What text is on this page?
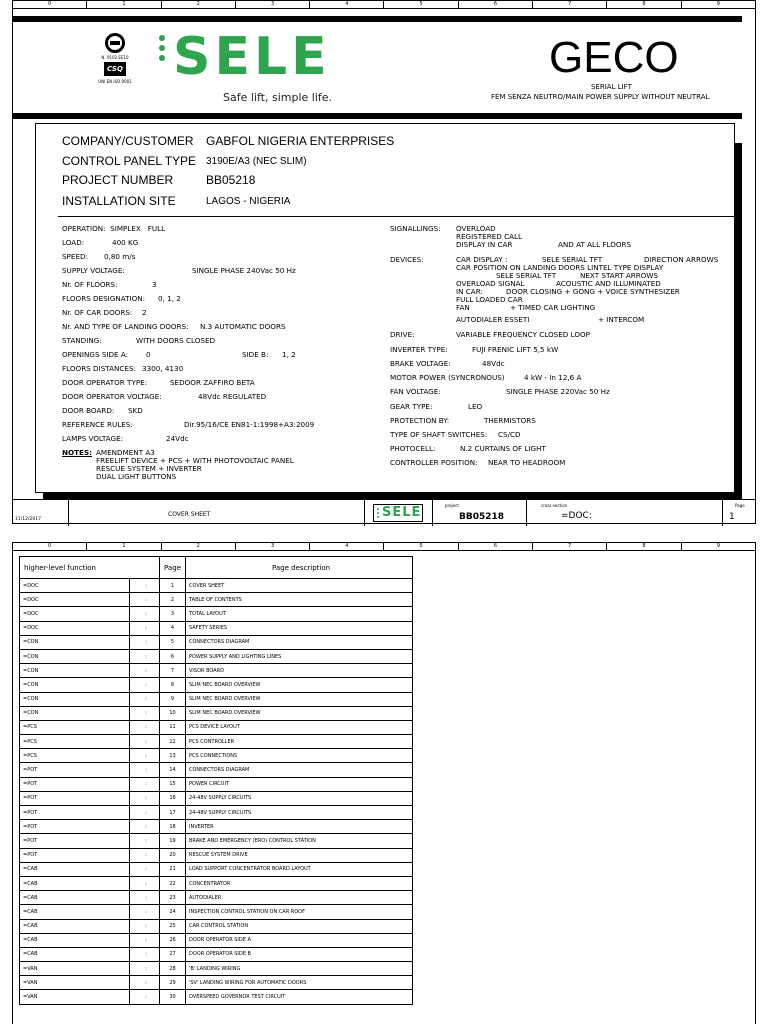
0	1	2	3	4	5	6	7	8	9
N. 9102.EE10
CSQ
UNI EN ISO 9001 SELE
Safe lift, simple life.
GECO
SERIAL LIFT
FEM SENZA NEUTRO/MAIN POWER SUPPLY WITHOUT NEUTRAL
COMPANY/CUSTOMER	GABFOL NIGERIA ENTERPRISES
CONTROL PANEL TYPE 3190E/A3 (NEC SLIM)
PROJECT NUMBER	BB05218
INSTALLATION SITE	LAGOS - NIGERIA
OPERATION: SIMPLEX FULL
LOAD:	400 KG
SPEED: 0,80 m/s
SUPPLY VOLTAGE:	SINGLE PHASE 240Vac 50 Hz
Nr. OF FLOORS:	3
FLOORS DESIGNATION: 0, 1, 2
Nr. OF CAR DOORS: 2
Nr. AND TYPE OF LANDING DOORS: N.3 AUTOMATIC DOORS
STANDING:	WITH DOORS CLOSED
OPENINGS SIDE A: 0	SIDE B: 1, 2
FLOORS DISTANCES: 3300, 4130
DOOR OPERATOR TYPE:	SEDOOR ZAFFIRO BETA
DOOR OPERATOR VOLTAGE:	48Vdc REGULATED
DOOR BOARD: SKD
REFERENCE RULES:	Dir.95/16/CE EN81-1:1998+A3:2009
LAMPS VOLTAGE:	24Vdc
NOTES: AMENDMENT A3
FREELIFT DEVICE + PCS + WITH PHOTOVOLTAIC PANEL
RESCUE SYSTEM + INVERTER
DUAL LIGHT BUTTONS
SIGNALLINGS: OVERLOAD
REGISTERED CALL
DISPLAY IN CAR	AND AT ALL FLOORS
DEVICES:	CAR DISPLAY :	SELE SERIAL TFT	DIRECTION ARROWS
CAR POSITION ON LANDING DOORS LINTEL TYPE DISPLAY
SELE SERIAL TFT	NEXT START ARROWS
OVERLOAD SIGNAL	ACOUSTIC AND ILLUMINATED
IN CAR:	DOOR CLOSING + GONG + VOICE SYNTHESIZER
FULL LOADED CAR
FAN	+ TIMED CAR LIGHTING
AUTODIALER ESSETI	+ INTERCOM
DRIVE:	VARIABLE FREQUENCY CLOSED LOOP
INVERTER TYPE:	FUJI FRENIC LIFT 5,5 kW
BRAKE VOLTAGE:	48Vdc
MOTOR POWER (SYNCRONOUS)	4 kW - In 12,6 A
FAN VOLTAGE:	SINGLE PHASE 220Vac 50 Hz
GEAR TYPE:	LEO
PROTECTION BY:	THERMISTORS
TYPE OF SHAFT SWITCHES: CS/CD
PHOTOCELL:	N.2 CURTAINS OF LIGHT
CONTROLLER POSITION: NEAR TO HEADROOM
11/12/2017
COVER SHEET	SELE	project
BB05218
cross-section
=DOC:
Page
1
0	1	2	3	4	5	6	7	8	9
higher-level function		Page	Page description
=DOC	:	1	COVER SHEET
=DOC	:	2	TABLE OF CONTENTS
=DOC	:	3	TOTAL LAYOUT
=DOC	:	4	SAFETY SERIES
=CON	:	5	CONNECTORS DIAGRAM
=CON	:	6	POWER SUPPLY AND LIGHTING LINES
=CON	:	7	VISOR BOARD
=CON	:	8	SLIM NEC BOARD OVERVIEW
=CON	:	9	SLIM NEC BOARD OVERVIEW
=CON	:	10	SLIM NEC BOARD OVERVIEW
=PCS	:	11	PCS DEVICE LAYOUT
=PCS	:	12	PCS CONTROLLER
=PCS	:	13	PCS CONNECTIONS
=POT	:	14	CONNECTORS DIAGRAM
=POT	:	15	POWER CIRCUIT
=POT	:	16	24-48V SUPPLY CIRCUITS
=POT	:	17	24-48V SUPPLY CIRCUITS
=POT	:	18	INVERTER
=POT	:	19	BRAKE AND EMERGENCY (ERO) CONTROL STATION
=POT	:	20	RESCUE SYSTEM DRIVE
=CAB	:	21	LOAD SUPPORT CONCENTRATOR BOARD LAYOUT
=CAB	:	22	CONCENTRATOR
=CAB	:	23	AUTODIALER
=CAB	:	24	INSPECTION CONTROL STATION ON CAR ROOF
=CAB	:	25	CAR CONTROL STATION
=CAB	:	26	DOOR OPERATOR SIDE A
=CAB	:	27	DOOR OPERATOR SIDE B
=VAN	:	28	'B' LANDING WIRING
=VAN	:	29	'SV' LANDING WIRING FOR AUTOMATIC DOORS
=VAN	:	30	OVERSPEED GOVERNOR TEST CIRCUIT
